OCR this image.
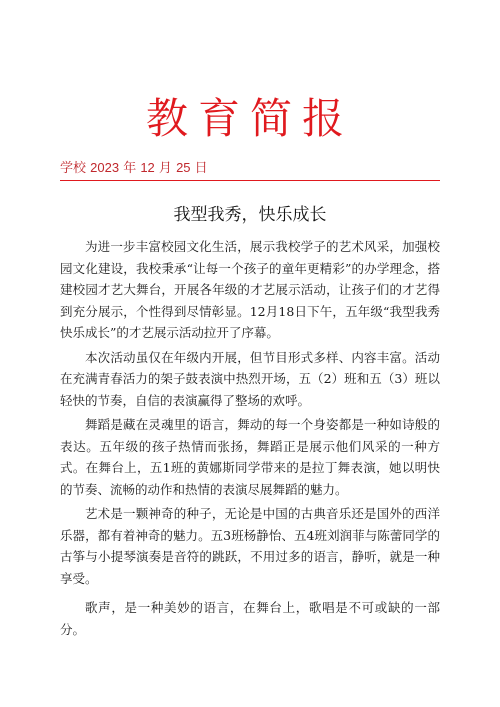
教育简报
学校 2023 年 12 月 25 日
我型我秀，快乐成长

为进一步丰富校园文化生活，展示我校学子的艺术风采，加强校园文化建设，我校秉承“让每一个孩子的童年更精彩”的办学理念，搭建校园才艺大舞台，开展各年级的才艺展示活动，让孩子们的才艺得到充分展示，个性得到尽情彰显。12月18日下午，五年级“我型我秀快乐成长”的才艺展示活动拉开了序幕。

本次活动虽仅在年级内开展，但节目形式多样、内容丰富。活动在充满青春活力的架子鼓表演中热烈开场，五（2）班和五（3）班以轻快的节奏，自信的表演赢得了整场的欢呼。

舞蹈是藏在灵魂里的语言，舞动的每一个身姿都是一种如诗般的表达。五年级的孩子热情而张扬，舞蹈正是展示他们风采的一种方式。在舞台上，五1班的黄娜斯同学带来的是拉丁舞表演，她以明快的节奏、流畅的动作和热情的表演尽展舞蹈的魅力。

艺术是一颗神奇的种子，无论是中国的古典音乐还是国外的西洋乐器，都有着神奇的魅力。五3班杨静怡、五4班刘润菲与陈蕾同学的古筝与小提琴演奏是音符的跳跃，不用过多的语言，静听，就是一种享受。

歌声，是一种美妙的语言，在舞台上，歌唱是不可或缺的一部分。
